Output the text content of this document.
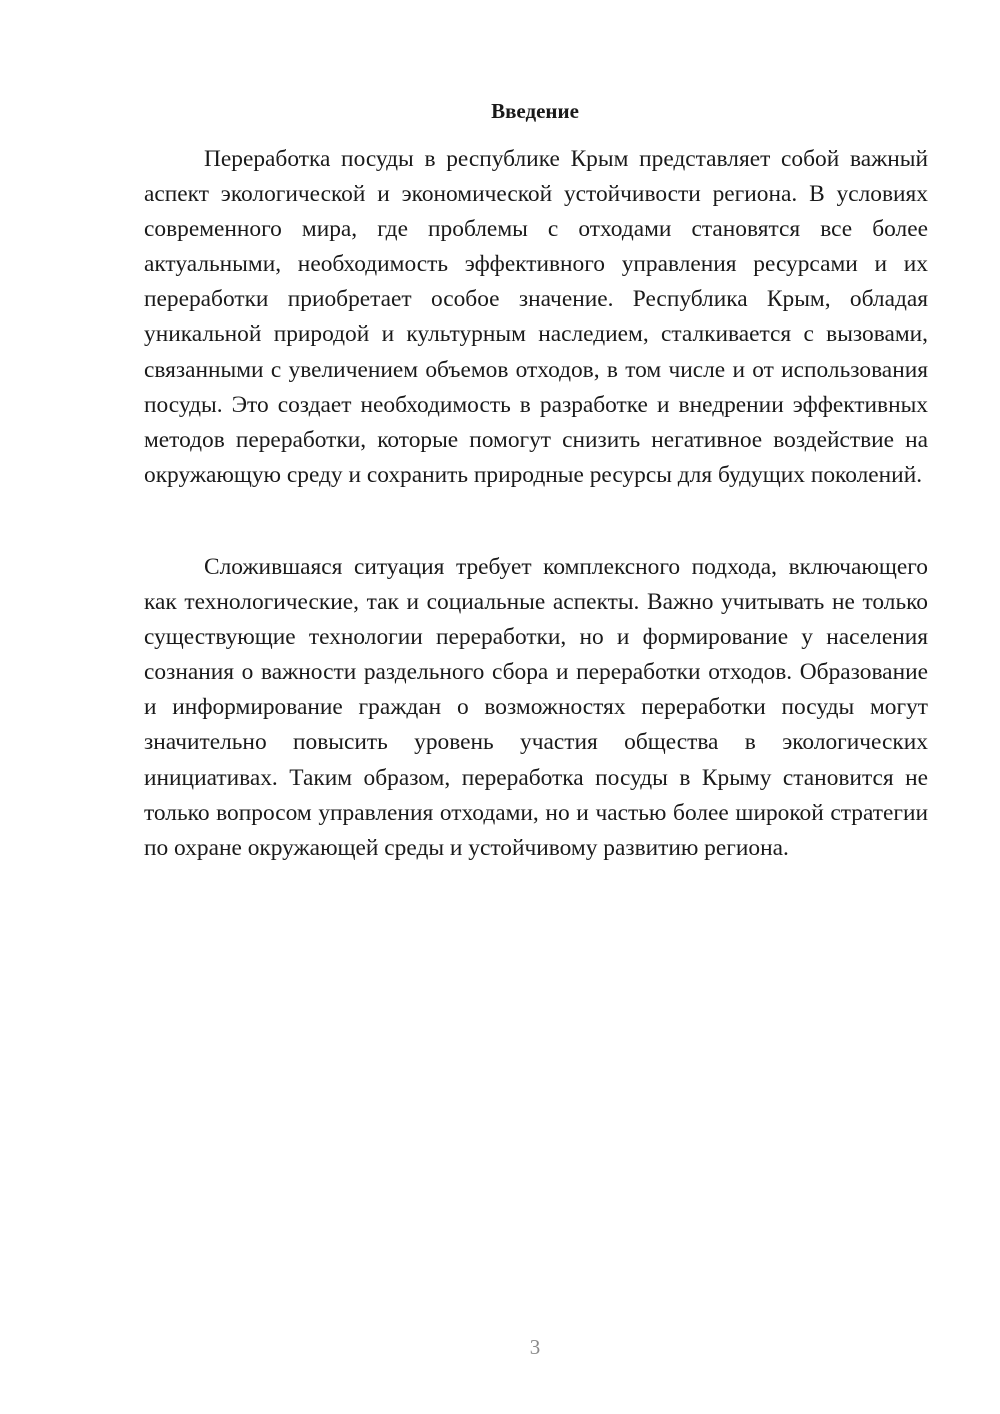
Введение

Переработка посуды в республике Крым представляет собой важный аспект экологической и экономической устойчивости региона. В условиях современного мира, где проблемы с отходами становятся все более актуальными, необходимость эффективного управления ресурсами и их переработки приобретает особое значение. Республика Крым, обладая уникальной природой и культурным наследием, сталкивается с вызовами, связанными с увеличением объемов отходов, в том числе и от использования посуды. Это создает необходимость в разработке и внедрении эффективных методов переработки, которые помогут снизить негативное воздействие на окружающую среду и сохранить природные ресурсы для будущих поколений.

Сложившаяся ситуация требует комплексного подхода, включающего как технологические, так и социальные аспекты. Важно учитывать не только существующие технологии переработки, но и формирование у населения сознания о важности раздельного сбора и переработки отходов. Образование и информирование граждан о возможностях переработки посуды могут значительно повысить уровень участия общества в экологических инициативах. Таким образом, переработка посуды в Крыму становится не только вопросом управления отходами, но и частью более широкой стратегии по охране окружающей среды и устойчивому развитию региона.

3
